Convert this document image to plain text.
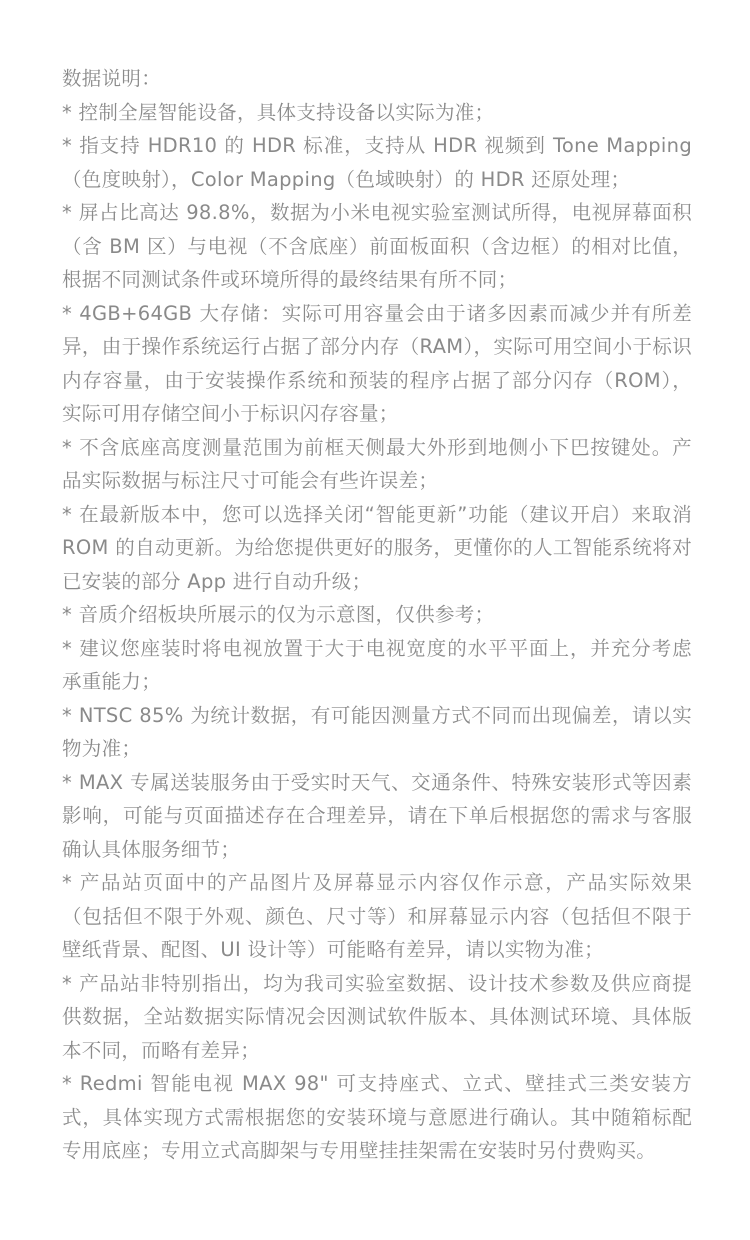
数据说明：

* 控制全屋智能设备，具体支持设备以实际为准；
* 指支持 HDR10 的 HDR 标准，支持从 HDR 视频到 Tone Mapping（色度映射），Color Mapping（色域映射）的 HDR 还原处理；
* 屏占比高达 98.8%，数据为小米电视实验室测试所得，电视屏幕面积（含 BM 区）与电视（不含底座）前面板面积（含边框）的相对比值，根据不同测试条件或环境所得的最终结果有所不同；
* 4GB+64GB 大存储：实际可用容量会由于诸多因素而减少并有所差异，由于操作系统运行占据了部分内存（RAM），实际可用空间小于标识内存容量，由于安装操作系统和预装的程序占据了部分闪存（ROM），实际可用存储空间小于标识闪存容量；
* 不含底座高度测量范围为前框天侧最大外形到地侧小下巴按键处。产品实际数据与标注尺寸可能会有些许误差；
* 在最新版本中，您可以选择关闭“智能更新”功能（建议开启）来取消 ROM 的自动更新。为给您提供更好的服务，更懂你的人工智能系统将对已安装的部分 App 进行自动升级；
* 音质介绍板块所展示的仅为示意图，仅供参考；
* 建议您座装时将电视放置于大于电视宽度的水平平面上，并充分考虑承重能力；
* NTSC 85% 为统计数据，有可能因测量方式不同而出现偏差，请以实物为准；
* MAX 专属送装服务由于受实时天气、交通条件、特殊安装形式等因素影响，可能与页面描述存在合理差异，请在下单后根据您的需求与客服确认具体服务细节；
* 产品站页面中的产品图片及屏幕显示内容仅作示意，产品实际效果（包括但不限于外观、颜色、尺寸等）和屏幕显示内容（包括但不限于壁纸背景、配图、UI 设计等）可能略有差异，请以实物为准；
* 产品站非特别指出，均为我司实验室数据、设计技术参数及供应商提供数据，全站数据实际情况会因测试软件版本、具体测试环境、具体版本不同，而略有差异；
* Redmi 智能电视 MAX 98" 可支持座式、立式、壁挂式三类安装方式，具体实现方式需根据您的安装环境与意愿进行确认。其中随箱标配专用底座；专用立式高脚架与专用壁挂挂架需在安装时另付费购买。
